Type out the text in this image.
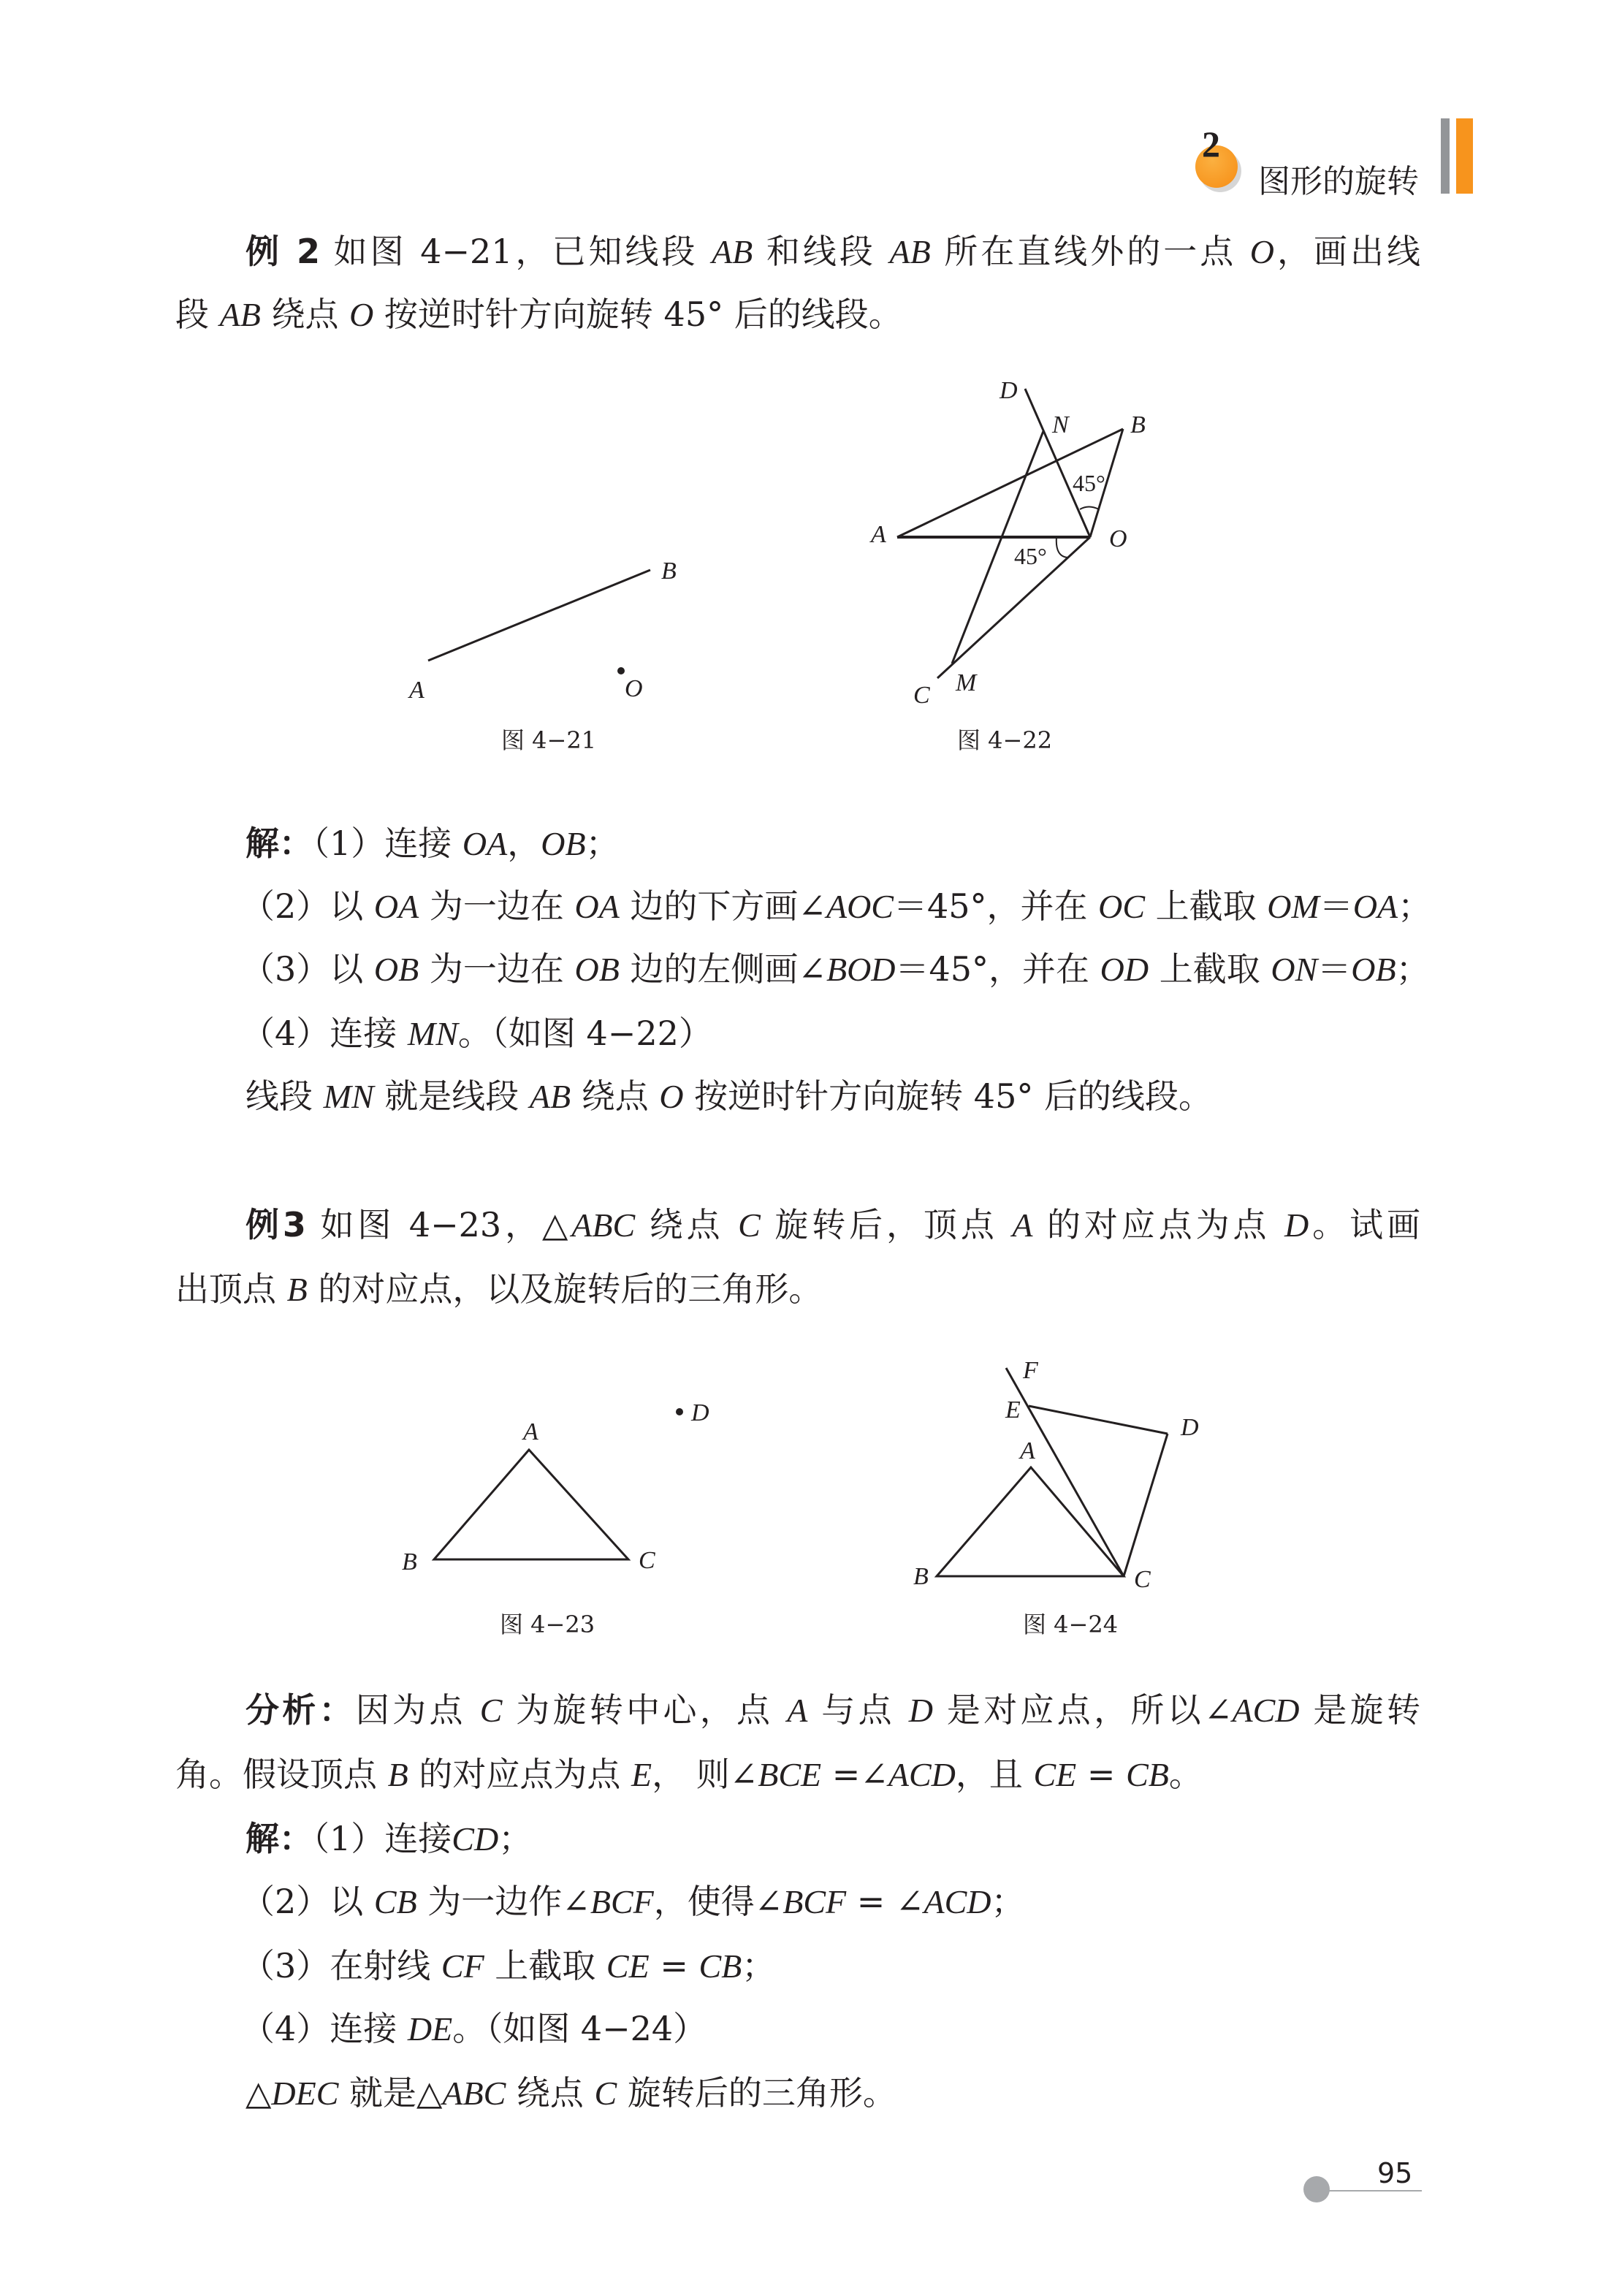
2
图形的旋转
例 2 如图 4−21，已知线段 AB 和线段 AB 所在直线外的一点 O，画出线
段 AB 绕点 O 按逆时针方向旋转 45° 后的线段。
解：（1）连接 OA，OB；
（2）以 OA 为一边在 OA 边的下方画∠AOC＝45°，并在 OC 上截取 OM＝OA；
（3）以 OB 为一边在 OB 边的左侧画∠BOD＝45°，并在 OD 上截取 ON＝OB；
（4）连接 MN。（如图 4−22）
线段 MN 就是线段 AB 绕点 O 按逆时针方向旋转 45° 后的线段。
例3 如图 4−23，△ABC 绕点 C 旋转后，顶点 A 的对应点为点 D。试画
出顶点 B 的对应点，以及旋转后的三角形。
分析：因为点 C 为旋转中心，点 A 与点 D 是对应点，所以∠ACD 是旋转
角。假设顶点 B 的对应点为点 E， 则∠BCE =∠ACD，且 CE = CB。
解：（1）连接CD；
（2）以 CB 为一边作∠BCF，使得∠BCF = ∠ACD；
（3）在射线 CF 上截取 CE = CB；
（4）连接 DE。（如图 4−24）
△DEC 就是△ABC 绕点 C 旋转后的三角形。
A
B
O
图 4−21
D
N B
A	O
C M
45°
45°
图 4−22
A
B	C
D
图 4−23
F
E
D
A
B	C
图 4−24
95
